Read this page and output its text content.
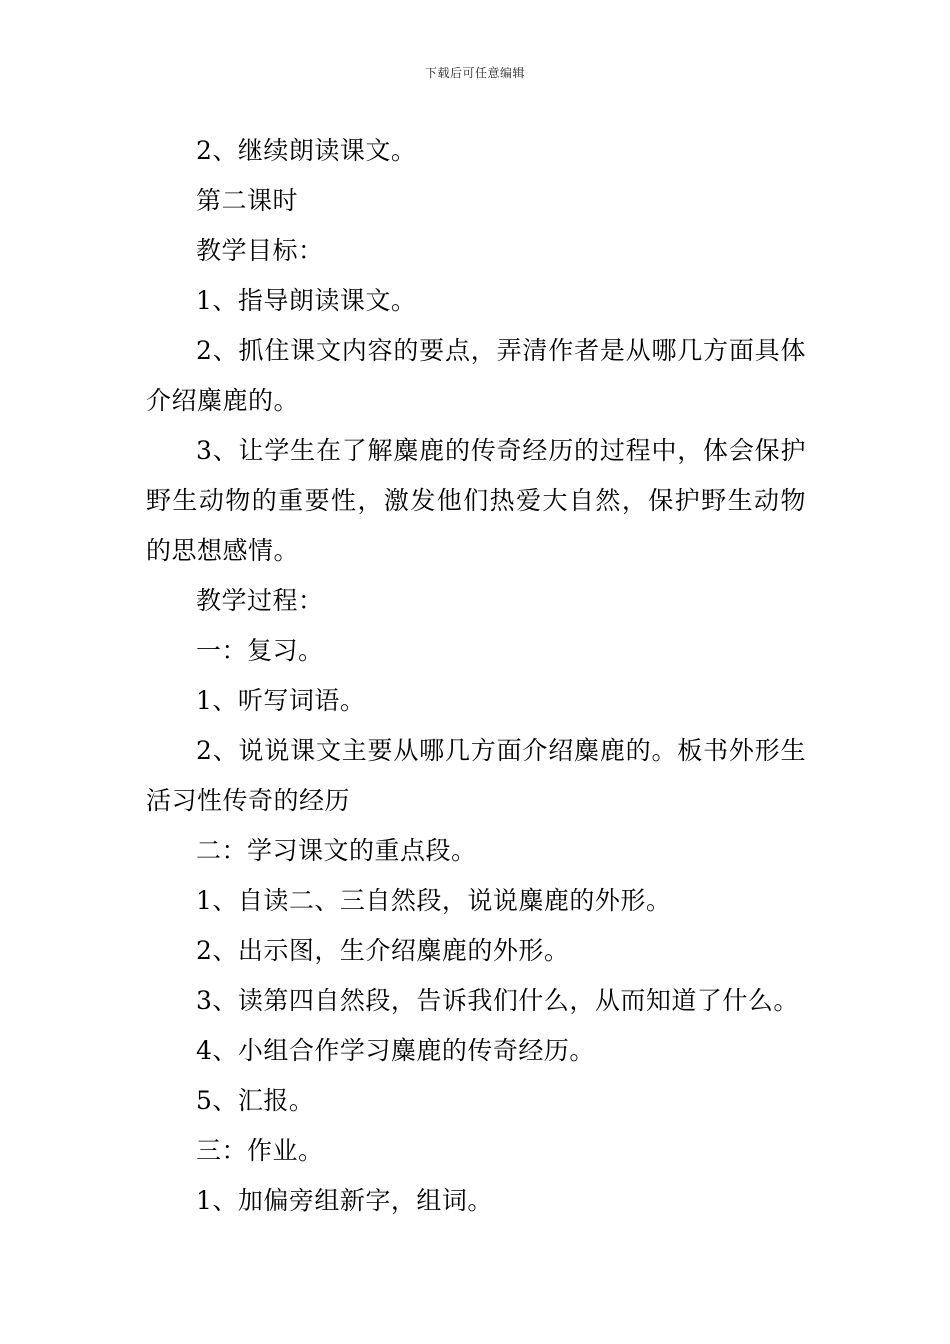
下载后可任意编辑

2、继续朗读课文。

第二课时

教学目标：

1、指导朗读课文。

2、抓住课文内容的要点，弄清作者是从哪几方面具体介绍麋鹿的。

3、让学生在了解麋鹿的传奇经历的过程中，体会保护野生动物的重要性，激发他们热爱大自然，保护野生动物的思想感情。

教学过程：

一：复习。

1、听写词语。

2、说说课文主要从哪几方面介绍麋鹿的。板书外形生活习性传奇的经历

二：学习课文的重点段。

1、自读二、三自然段，说说麋鹿的外形。

2、出示图，生介绍麋鹿的外形。

3、读第四自然段，告诉我们什么，从而知道了什么。

4、小组合作学习麋鹿的传奇经历。

5、汇报。

三：作业。

1、加偏旁组新字，组词。
